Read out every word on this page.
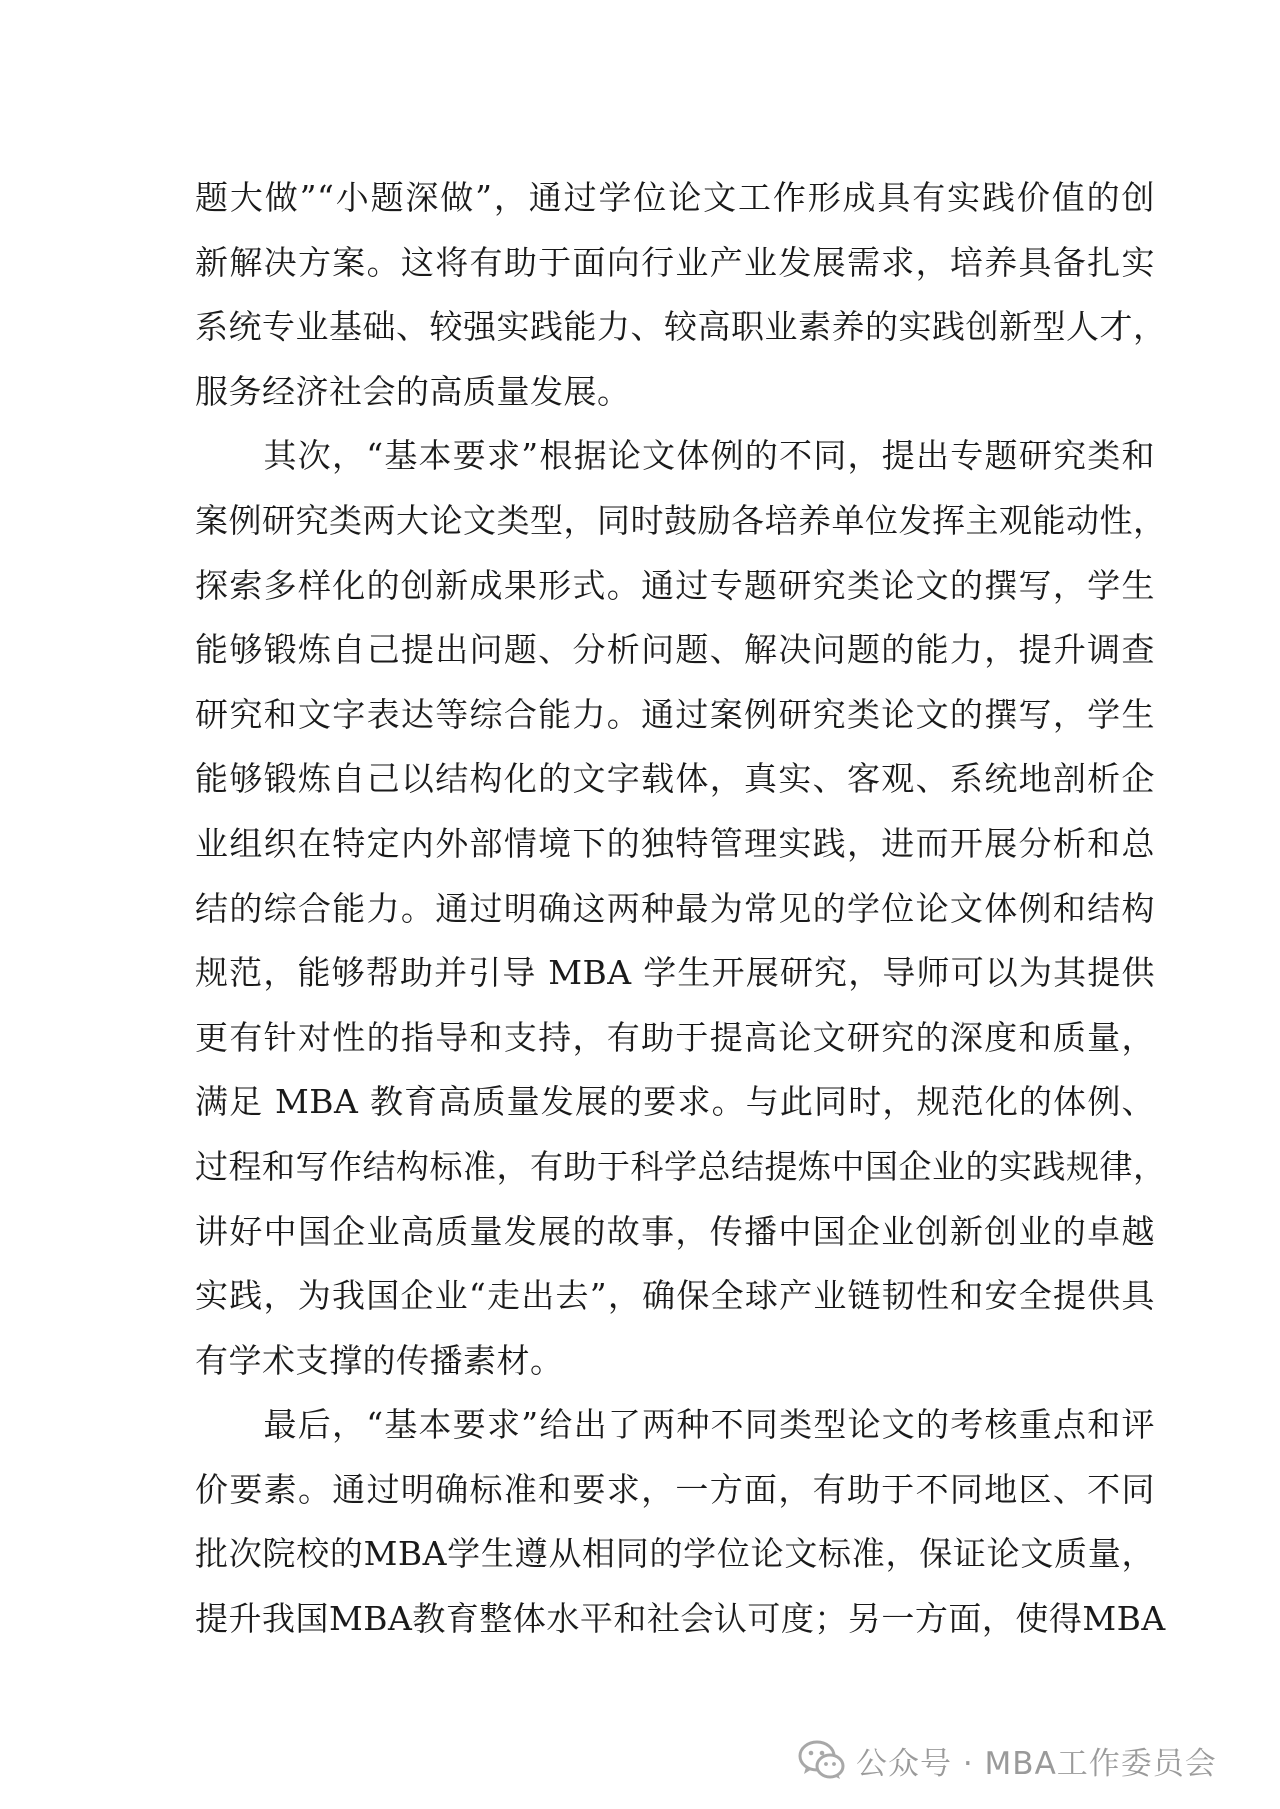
题大做”“小题深做”，通过学位论文工作形成具有实践价值的创
新解决方案。这将有助于面向行业产业发展需求，培养具备扎实
系统专业基础、较强实践能力、较高职业素养的实践创新型人才，
服务经济社会的高质量发展。
　　其次，“基本要求”根据论文体例的不同，提出专题研究类和
案例研究类两大论文类型，同时鼓励各培养单位发挥主观能动性，
探索多样化的创新成果形式。通过专题研究类论文的撰写，学生
能够锻炼自己提出问题、分析问题、解决问题的能力，提升调查
研究和文字表达等综合能力。通过案例研究类论文的撰写，学生
能够锻炼自己以结构化的文字载体，真实、客观、系统地剖析企
业组织在特定内外部情境下的独特管理实践，进而开展分析和总
结的综合能力。通过明确这两种最为常见的学位论文体例和结构
规范，能够帮助并引导 MBA 学生开展研究，导师可以为其提供
更有针对性的指导和支持，有助于提高论文研究的深度和质量，
满足 MBA 教育高质量发展的要求。与此同时，规范化的体例、
过程和写作结构标准，有助于科学总结提炼中国企业的实践规律，
讲好中国企业高质量发展的故事，传播中国企业创新创业的卓越
实践，为我国企业“走出去”，确保全球产业链韧性和安全提供具
有学术支撑的传播素材。
　　最后，“基本要求”给出了两种不同类型论文的考核重点和评
价要素。通过明确标准和要求，一方面，有助于不同地区、不同
批次院校的MBA学生遵从相同的学位论文标准，保证论文质量，
提升我国MBA教育整体水平和社会认可度；另一方面，使得MBA
公众号 · MBA工作委员会
